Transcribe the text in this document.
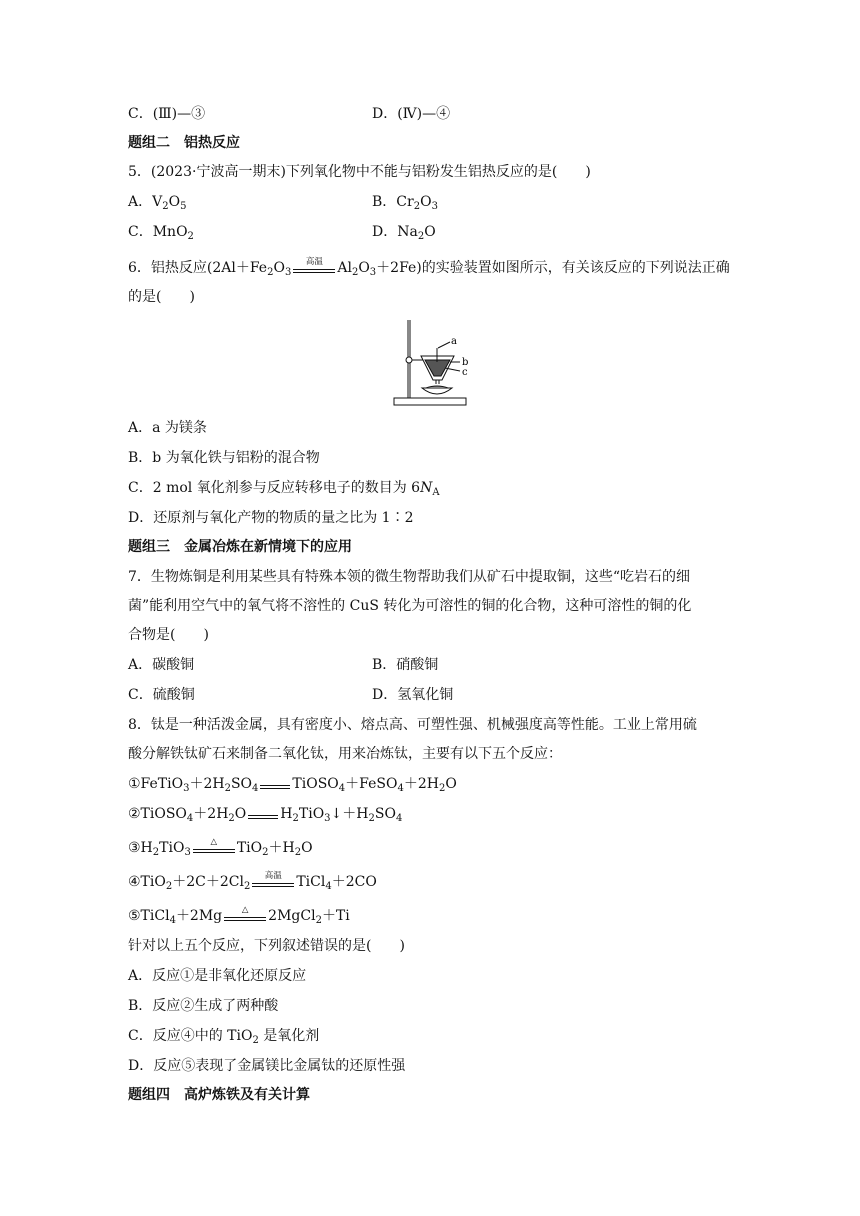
C．(Ⅲ)—③	D．(Ⅳ)—④
题组二　铝热反应
5．(2023·宁波高一期末)下列氧化物中不能与铝粉发生铝热反应的是(　　)
A．$V_2O_5$	B．$Cr_2O_3$
C．MnO$_2$	D．$Na_2O$
6．铝热反应($2Al+Fe_2O_3$
高温	$Al_2O_3+2Fe$)的实验装置如图所示，有关该反应的下列说法正确
的是(　　)
a
b
c
A．a 为镁条
B．b 为氧化铁与铝粉的混合物
C．2 mol 氧化剂参与反应转移电子的数目为 $6N_A$
D．还原剂与氧化产物的物质的量之比为 1∶2
题组三　金属冶炼在新情境下的应用
7．生物炼铜是利用某些具有特殊本领的微生物帮助我们从矿石中提取铜，这些“吃岩石的细
菌”能利用空气中的氧气将不溶性的 CuS 转化为可溶性的铜的化合物，这种可溶性的铜的化
合物是(　　)
A．碳酸铜	B．硝酸铜
C．硫酸铜	D．氢氧化铜
8．钛是一种活泼金属，具有密度小、熔点高、可塑性强、机械强度高等性能。工业上常用硫
酸分解铁钛矿石来制备二氧化钛，用来冶炼钛，主要有以下五个反应：
$①FeTiO_3+2H_2SO_4$ $TiOSO_4+FeSO_4+2H_2O$
$②TiOSO_4+2H_2O$ $H_2TiO_3↓+H_2SO_4$
$③H_2TiO_3$
△	$TiO_2+H_2O$
$④TiO_2+2C+2Cl_2$
高温	TiCl$_4$＋2CO
⑤TiCl$_4$＋2Mg	△	2MgCl$_2$＋Ti
针对以上五个反应，下列叙述错误的是(　　)
A．反应①是非氧化还原反应
B．反应②生成了两种酸
C．反应④中的 TiO$_2$ 是氧化剂
D．反应⑤表现了金属镁比金属钛的还原性强
题组四　高炉炼铁及有关计算
